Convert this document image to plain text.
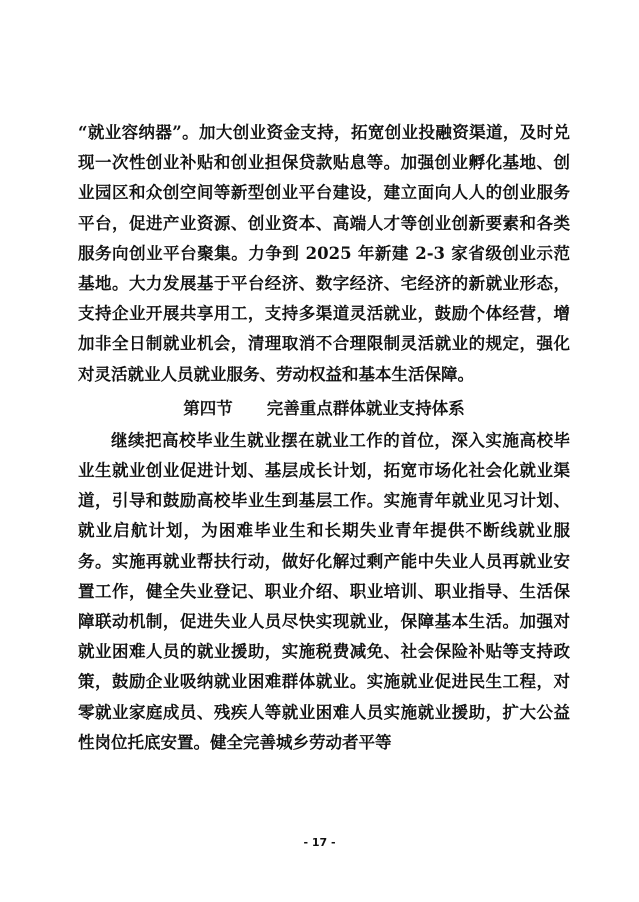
“就业容纳器”。加大创业资金支持，拓宽创业投融资渠道，及时兑现一次性创业补贴和创业担保贷款贴息等。加强创业孵化基地、创业园区和众创空间等新型创业平台建设，建立面向人人的创业服务平台，促进产业资源、创业资本、高端人才等创业创新要素和各类服务向创业平台聚集。力争到 2025 年新建 2-3 家省级创业示范基地。大力发展基于平台经济、数字经济、宅经济的新就业形态，支持企业开展共享用工，支持多渠道灵活就业，鼓励个体经营，增加非全日制就业机会，清理取消不合理限制灵活就业的规定，强化对灵活就业人员就业服务、劳动权益和基本生活保障。

第四节 完善重点群体就业支持体系

继续把高校毕业生就业摆在就业工作的首位，深入实施高校毕业生就业创业促进计划、基层成长计划，拓宽市场化社会化就业渠道，引导和鼓励高校毕业生到基层工作。实施青年就业见习计划、就业启航计划，为困难毕业生和长期失业青年提供不断线就业服务。实施再就业帮扶行动，做好化解过剩产能中失业人员再就业安置工作，健全失业登记、职业介绍、职业培训、职业指导、生活保障联动机制，促进失业人员尽快实现就业，保障基本生活。加强对就业困难人员的就业援助，实施税费减免、社会保险补贴等支持政策，鼓励企业吸纳就业困难群体就业。实施就业促进民生工程，对零就业家庭成员、残疾人等就业困难人员实施就业援助，扩大公益性岗位托底安置。健全完善城乡劳动者平等

- 17 -
